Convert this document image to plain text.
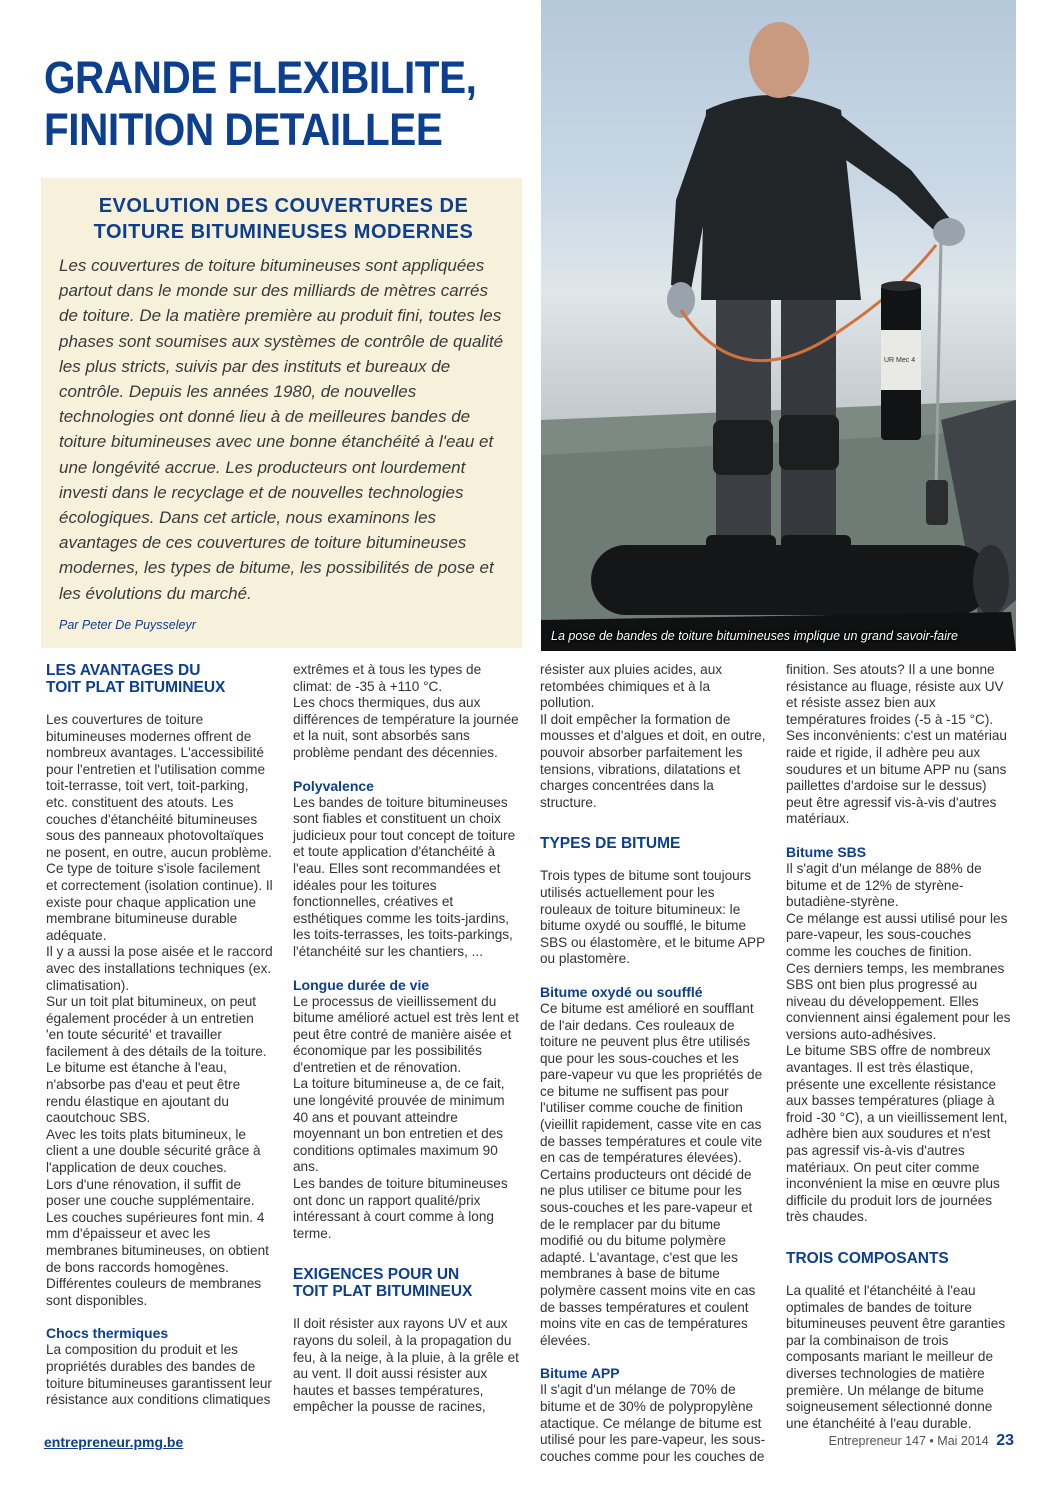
GRANDE FLEXIBILITE,
FINITION DETAILLEE
EVOLUTION DES COUVERTURES DE
TOITURE BITUMINEUSES MODERNES

Les couvertures de toiture bitumineuses sont appliquées partout dans le monde sur des milliards de mètres carrés de toiture. De la matière première au produit fini, toutes les phases sont soumises aux systèmes de contrôle de qualité les plus stricts, suivis par des instituts et bureaux de contrôle. Depuis les années 1980, de nouvelles technologies ont donné lieu à de meilleures bandes de toiture bitumineuses avec une bonne étanchéité à l'eau et une longévité accrue. Les producteurs ont lourdement investi dans le recyclage et de nouvelles technologies écologiques. Dans cet article, nous examinons les avantages de ces couvertures de toiture bitumineuses modernes, les types de bitume, les possibilités de pose et les évolutions du marché.

Par Peter De Puysseleyr

UR Mec 4
La pose de bandes de toiture bitumineuses implique un grand savoir-faire
LES AVANTAGES DU
TOIT PLAT BITUMINEUX

Les couvertures de toiture bitumineuses modernes offrent de nombreux avantages. L'accessibilité pour l'entretien et l'utilisation comme toit-terrasse, toit vert, toit-parking, etc. constituent des atouts. Les couches d'étanchéité bitumineuses sous des panneaux photovoltaïques ne posent, en outre, aucun problème. Ce type de toiture s'isole facilement et correctement (isolation continue). Il existe pour chaque application une membrane bitumineuse durable adéquate.

Il y a aussi la pose aisée et le raccord avec des installations techniques (ex. climatisation).

Sur un toit plat bitumineux, on peut également procéder à un entretien 'en toute sécurité' et travailler facilement à des détails de la toiture.

Le bitume est étanche à l'eau, n'absorbe pas d'eau et peut être rendu élastique en ajoutant du caoutchouc SBS.

Avec les toits plats bitumineux, le client a une double sécurité grâce à l'application de deux couches.

Lors d'une rénovation, il suffit de poser une couche supplémentaire.

Les couches supérieures font min. 4 mm d'épaisseur et avec les membranes bitumineuses, on obtient de bons raccords homogènes. Différentes couleurs de membranes sont disponibles.

Chocs thermiques

La composition du produit et les propriétés durables des bandes de toiture bitumineuses garantissent leur résistance aux conditions climatiques

extrêmes et à tous les types de climat: de -35 à +110 °C.

Les chocs thermiques, dus aux différences de température la journée et la nuit, sont absorbés sans problème pendant des décennies.

Polyvalence

Les bandes de toiture bitumineuses sont fiables et constituent un choix judicieux pour tout concept de toiture et toute application d'étanchéité à l'eau. Elles sont recommandées et idéales pour les toitures fonctionnelles, créatives et esthétiques comme les toits-jardins, les toits-terrasses, les toits-parkings, l'étanchéité sur les chantiers, ...

Longue durée de vie

Le processus de vieillissement du bitume amélioré actuel est très lent et peut être contré de manière aisée et économique par les possibilités d'entretien et de rénovation.

La toiture bitumineuse a, de ce fait, une longévité prouvée de minimum 40 ans et pouvant atteindre moyennant un bon entretien et des conditions optimales maximum 90 ans.

Les bandes de toiture bitumineuses ont donc un rapport qualité/prix intéressant à court comme à long terme.

EXIGENCES POUR UN
TOIT PLAT BITUMINEUX

Il doit résister aux rayons UV et aux rayons du soleil, à la propagation du feu, à la neige, à la pluie, à la grêle et au vent. Il doit aussi résister aux hautes et basses températures, empêcher la pousse de racines,

résister aux pluies acides, aux retombées chimiques et à la pollution.

Il doit empêcher la formation de mousses et d'algues et doit, en outre, pouvoir absorber parfaitement les tensions, vibrations, dilatations et charges concentrées dans la structure.

TYPES DE BITUME

Trois types de bitume sont toujours utilisés actuellement pour les rouleaux de toiture bitumineux: le bitume oxydé ou soufflé, le bitume SBS ou élastomère, et le bitume APP ou plastomère.

Bitume oxydé ou soufflé

Ce bitume est amélioré en soufflant de l'air dedans. Ces rouleaux de toiture ne peuvent plus être utilisés que pour les sous-couches et les pare-vapeur vu que les propriétés de ce bitume ne suffisent pas pour l'utiliser comme couche de finition (vieillit rapidement, casse vite en cas de basses températures et coule vite en cas de températures élevées).

Certains producteurs ont décidé de ne plus utiliser ce bitume pour les sous-couches et les pare-vapeur et de le remplacer par du bitume modifié ou du bitume polymère adapté. L'avantage, c'est que les membranes à base de bitume polymère cassent moins vite en cas de basses températures et coulent moins vite en cas de températures élevées.

Bitume APP

Il s'agit d'un mélange de 70% de bitume et de 30% de polypropylène atactique. Ce mélange de bitume est utilisé pour les pare-vapeur, les sous-couches comme pour les couches de

finition. Ses atouts? Il a une bonne résistance au fluage, résiste aux UV et résiste assez bien aux températures froides (-5 à -15 °C). Ses inconvénients: c'est un matériau raide et rigide, il adhère peu aux soudures et un bitume APP nu (sans paillettes d'ardoise sur le dessus) peut être agressif vis-à-vis d'autres matériaux.

Bitume SBS

Il s'agit d'un mélange de 88% de bitume et de 12% de styrène-butadiène-styrène.

Ce mélange est aussi utilisé pour les pare-vapeur, les sous-couches comme les couches de finition.

Ces derniers temps, les membranes SBS ont bien plus progressé au niveau du développement. Elles conviennent ainsi également pour les versions auto-adhésives.

Le bitume SBS offre de nombreux avantages. Il est très élastique, présente une excellente résistance aux basses températures (pliage à froid -30 °C), a un vieillissement lent, adhère bien aux soudures et n'est pas agressif vis-à-vis d'autres matériaux. On peut citer comme inconvénient la mise en œuvre plus difficile du produit lors de journées très chaudes.

TROIS COMPOSANTS

La qualité et l'étanchéité à l'eau optimales de bandes de toiture bitumineuses peuvent être garanties par la combinaison de trois composants mariant le meilleur de diverses technologies de matière première. Un mélange de bitume soigneusement sélectionné donne une étanchéité à l'eau durable.

entrepreneur.pmg.be	Entrepreneur 147 • Mai 2014 23
